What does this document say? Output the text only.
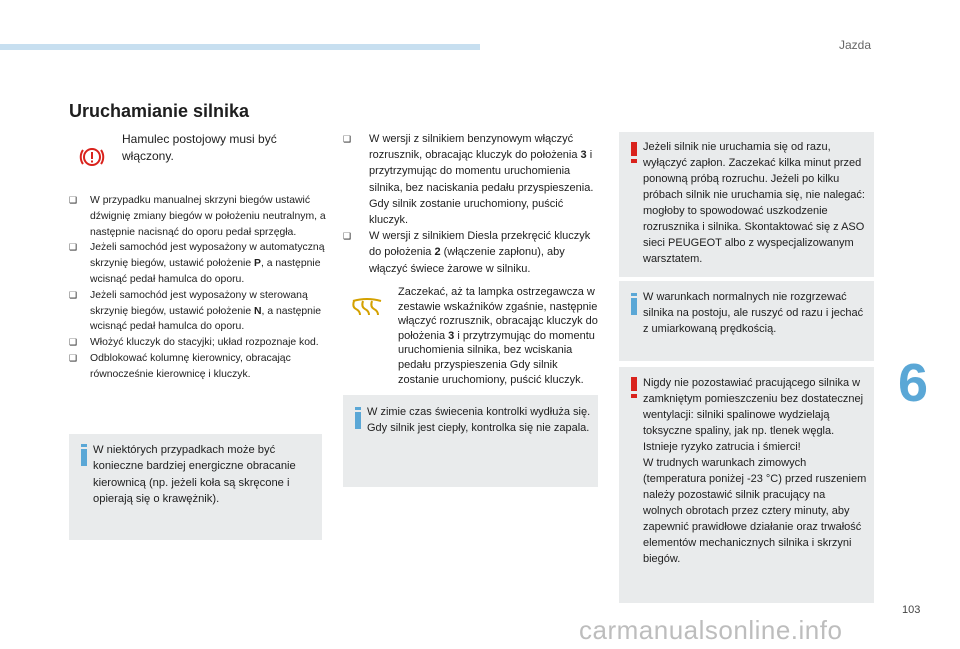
Jazda
6
103
carmanualsonline.info
Uruchamianie silnika
Hamulec postojowy musi być włączony.

❑ W przypadku manualnej skrzyni biegów ustawić dźwignię zmiany biegów w położeniu neutralnym, a następnie nacisnąć do oporu pedał sprzęgła.

❑ Jeżeli samochód jest wyposażony w automatyczną skrzynię biegów, ustawić położenie P, a następnie wcisnąć pedał hamulca do oporu.

❑ Jeżeli samochód jest wyposażony w sterowaną skrzynię biegów, ustawić położenie N, a następnie wcisnąć pedał hamulca do oporu.

❑ Włożyć kluczyk do stacyjki; układ rozpoznaje kod.

❑ Odblokować kolumnę kierownicy, obracając równocześnie kierownicę i kluczyk.

W niektórych przypadkach może być konieczne bardziej energiczne obracanie kierownicą (np. jeżeli koła są skręcone i opierają się o krawężnik).

❑ W wersji z silnikiem benzynowym włączyć rozrusznik, obracając kluczyk do położenia 3 i przytrzymując do momentu uruchomienia silnika, bez naciskania pedału przyspieszenia. Gdy silnik zostanie uruchomiony, puścić kluczyk.

❑ W wersji z silnikiem Diesla przekręcić kluczyk do położenia 2 (włączenie zapłonu), aby włączyć świece żarowe w silniku.

Zaczekać, aż ta lampka ostrzegawcza w zestawie wskaźników zgaśnie, następnie włączyć rozrusznik, obracając kluczyk do położenia 3 i przytrzymując do momentu uruchomienia silnika, bez wciskania pedału przyspieszenia Gdy silnik zostanie uruchomiony, puścić kluczyk.
W zimie czas świecenia kontrolki wydłuża się. Gdy silnik jest ciepły, kontrolka się nie zapala.
Jeżeli silnik nie uruchamia się od razu, wyłączyć zapłon. Zaczekać kilka minut przed ponowną próbą rozruchu. Jeżeli po kilku próbach silnik nie uruchamia się, nie nalegać: mogłoby to spowodować uszkodzenie rozrusznika i silnika. Skontaktować się z ASO sieci PEUGEOT albo z wyspecjalizowanym warsztatem.
W warunkach normalnych nie rozgrzewać silnika na postoju, ale ruszyć od razu i jechać z umiarkowaną prędkością.
Nigdy nie pozostawiać pracującego silnika w zamkniętym pomieszczeniu bez dostatecznej wentylacji: silniki spalinowe wydzielają toksyczne spaliny, jak np. tlenek węgla. Istnieje ryzyko zatrucia i śmierci!
W trudnych warunkach zimowych (temperatura poniżej -23 °C) przed ruszeniem należy pozostawić silnik pracujący na wolnych obrotach przez cztery minuty, aby zapewnić prawidłowe działanie oraz trwałość elementów mechanicznych silnika i skrzyni biegów.
